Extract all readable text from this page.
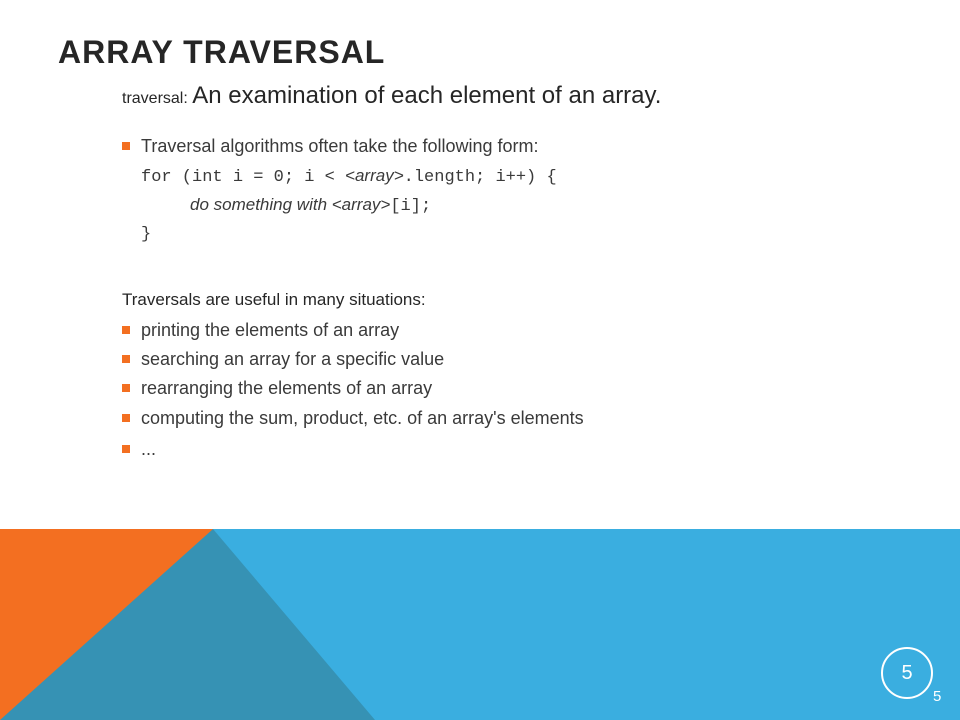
ARRAY TRAVERSAL
traversal: An examination of each element of an array.
Traversal algorithms often take the following form:
for (int i = 0; i < <array>.length; i++) {
do something with <array>[i];
}
Traversals are useful in many situations:
printing the elements of an array
searching an array for a specific value
rearranging the elements of an array
computing the sum, product, etc. of an array's elements
...
5
5
